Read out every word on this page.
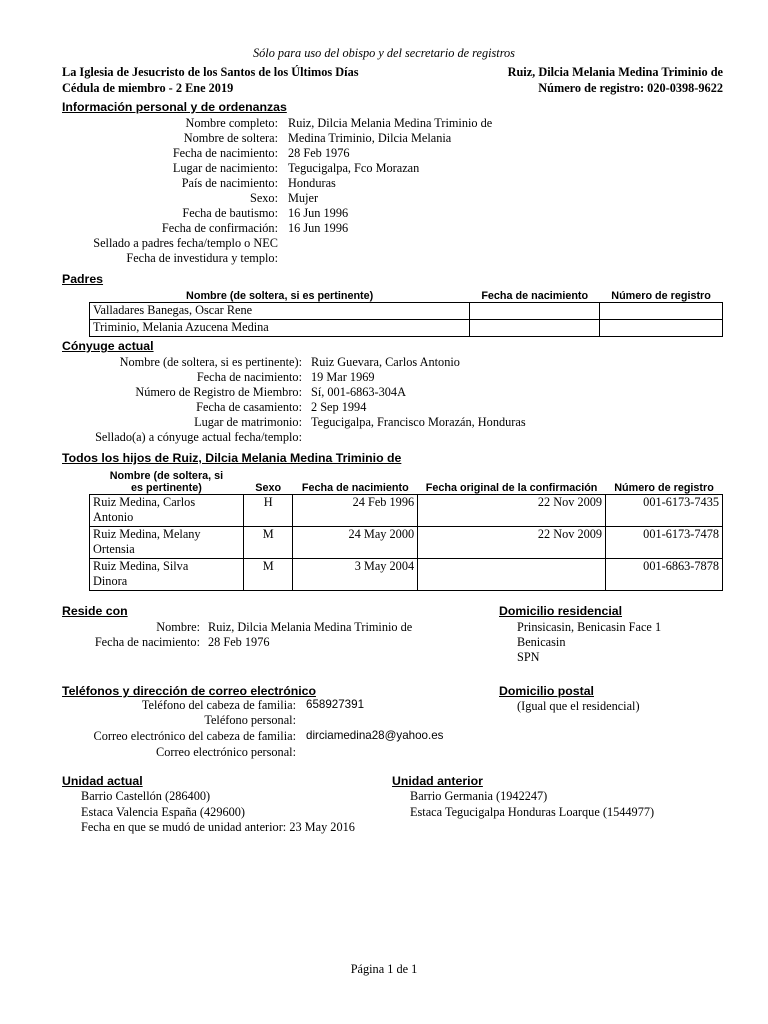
Sólo para uso del obispo y del secretario de registros
La Iglesia de Jesucristo de los Santos de los Últimos Días	Ruiz, Dilcia Melania Medina Triminio de
Cédula de miembro - 2 Ene 2019	Número de registro: 020-0398-9622
Información personal y de ordenanzas
Nombre completo: Ruiz, Dilcia Melania Medina Triminio de
Nombre de soltera: Medina Triminio, Dilcia Melania
Fecha de nacimiento: 28 Feb 1976
Lugar de nacimiento: Tegucigalpa, Fco Morazan
País de nacimiento: Honduras
Sexo: Mujer
Fecha de bautismo: 16 Jun 1996
Fecha de confirmación: 16 Jun 1996
Sellado a padres fecha/templo o NEC
Fecha de investidura y templo:
Padres
Nombre (de soltera, si es pertinente)	Fecha de nacimiento	Número de registro
Valladares Banegas, Oscar Rene		
Triminio, Melania Azucena Medina		
Cónyuge actual
Nombre (de soltera, si es pertinente): Ruiz Guevara, Carlos Antonio
Fecha de nacimiento: 19 Mar 1969
Número de Registro de Miembro: Sí, 001-6863-304A
Fecha de casamiento: 2 Sep 1994
Lugar de matrimonio: Tegucigalpa, Francisco Morazán, Honduras
Sellado(a) a cónyuge actual fecha/templo:
Todos los hijos de Ruiz, Dilcia Melania Medina Triminio de
Nombre (de soltera, si
es pertinente)	Sexo	Fecha de nacimiento	Fecha original de la confirmación	Número de registro

Ruiz Medina, Carlos
Antonio	H	24 Feb 1996	22 Nov 2009	001-6173-7435

Ruiz Medina, Melany
Ortensia	M	24 May 2000	22 Nov 2009	001-6173-7478

Ruiz Medina, Silva
Dinora	M	3 May 2004		001-6863-7878
Reside con
Nombre: Ruiz, Dilcia Melania Medina Triminio de
Fecha de nacimiento: 28 Feb 1976
Domicilio residencial
Prinsicasin, Benicasin Face 1
Benicasin
SPN
Teléfonos y dirección de correo electrónico
Teléfono del cabeza de familia: 658927391
Teléfono personal:
Correo electrónico del cabeza de familia: dirciamedina28@yahoo.es
Correo electrónico personal:
Domicilio postal
(Igual que el residencial)
Unidad actual
Barrio Castellón (286400)
Estaca Valencia España (429600)
Fecha en que se mudó de unidad anterior: 23 May 2016
Unidad anterior
Barrio Germania (1942247)
Estaca Tegucigalpa Honduras Loarque (1544977)
Página 1 de 1
